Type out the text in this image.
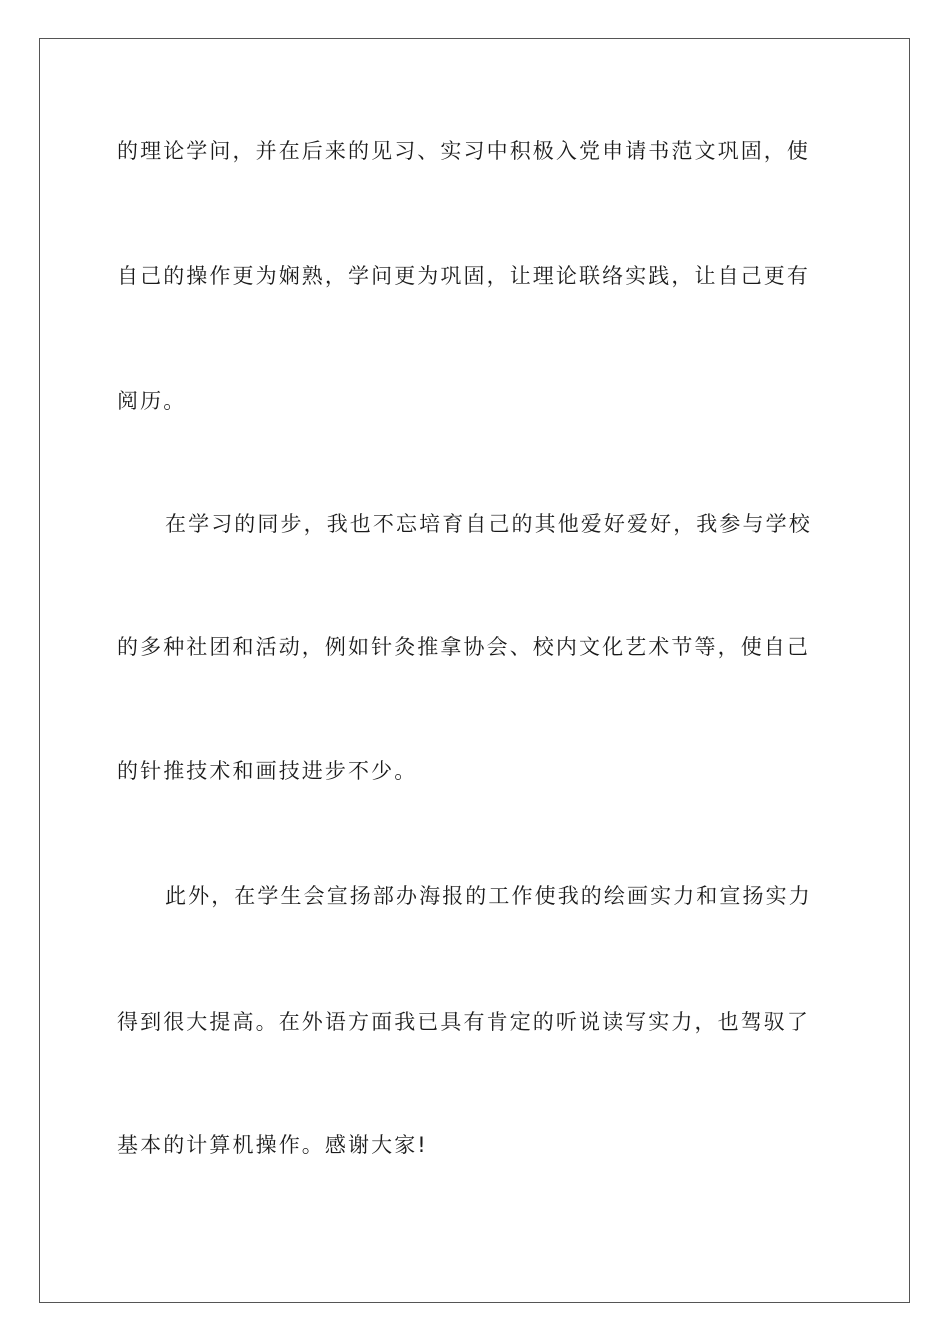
的理论学问，并在后来的见习、实习中积极入党申请书范文巩固，使
自己的操作更为娴熟，学问更为巩固，让理论联络实践，让自己更有
阅历。
在学习的同步，我也不忘培育自己的其他爱好爱好，我参与学校
的多种社团和活动，例如针灸推拿协会、校内文化艺术节等，使自己
的针推技术和画技进步不少。
此外，在学生会宣扬部办海报的工作使我的绘画实力和宣扬实力
得到很大提高。在外语方面我已具有肯定的听说读写实力，也驾驭了
基本的计算机操作。感谢大家!
